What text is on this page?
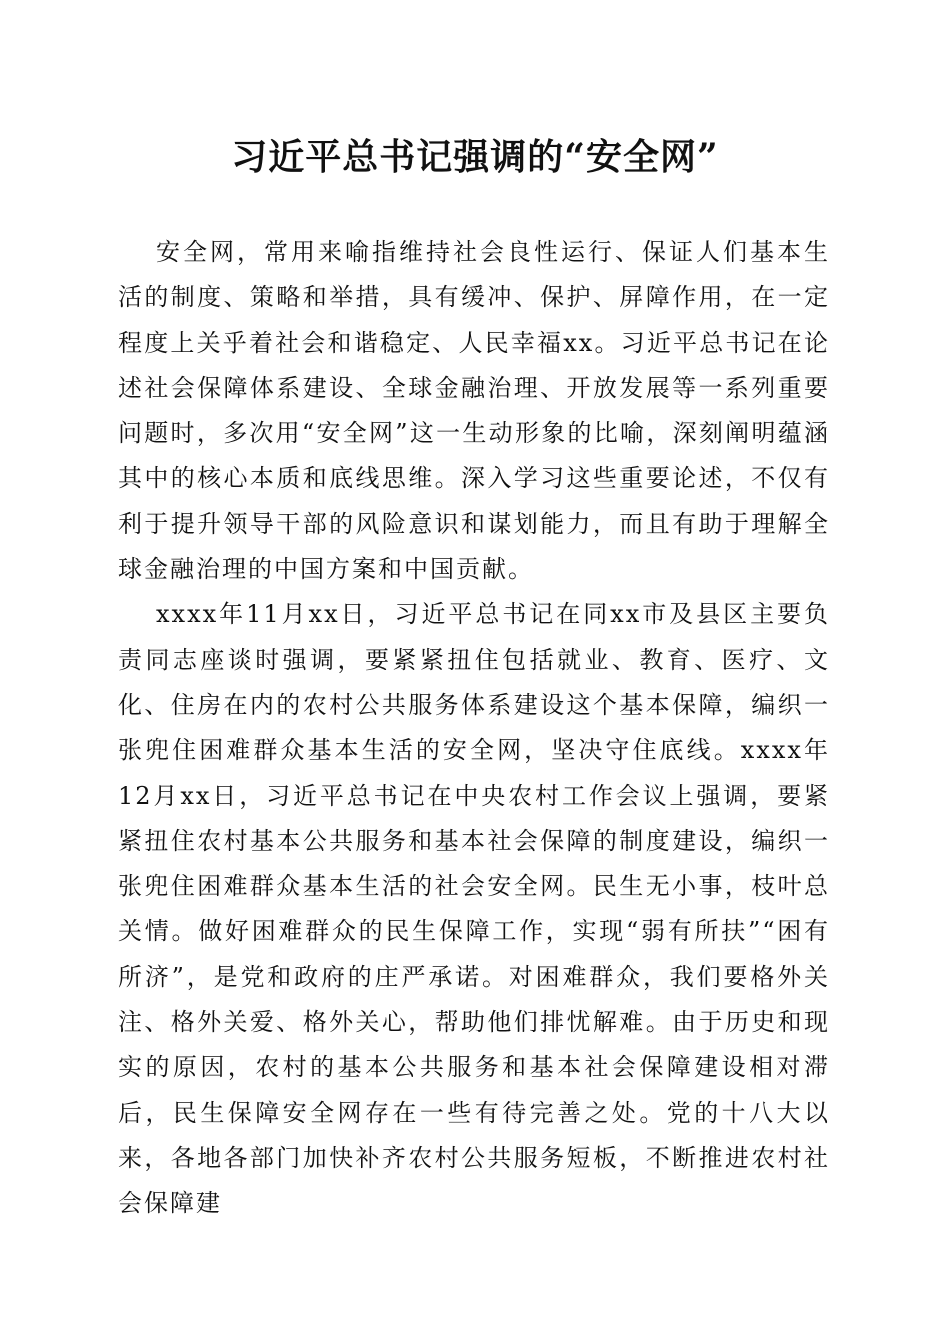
习近平总书记强调的“安全网”

安全网，常用来喻指维持社会良性运行、保证人们基本生活的制度、策略和举措，具有缓冲、保护、屏障作用，在一定程度上关乎着社会和谐稳定、人民幸福xx。习近平总书记在论述社会保障体系建设、全球金融治理、开放发展等一系列重要问题时，多次用“安全网”这一生动形象的比喻，深刻阐明蕴涵其中的核心本质和底线思维。深入学习这些重要论述，不仅有利于提升领导干部的风险意识和谋划能力，而且有助于理解全球金融治理的中国方案和中国贡献。

xxxx年11月xx日，习近平总书记在同xx市及县区主要负责同志座谈时强调，要紧紧扭住包括就业、教育、医疗、文化、住房在内的农村公共服务体系建设这个基本保障，编织一张兜住困难群众基本生活的安全网，坚决守住底线。xxxx年12月xx日，习近平总书记在中央农村工作会议上强调，要紧紧扭住农村基本公共服务和基本社会保障的制度建设，编织一张兜住困难群众基本生活的社会安全网。民生无小事，枝叶总关情。做好困难群众的民生保障工作，实现“弱有所扶”“困有所济”，是党和政府的庄严承诺。对困难群众，我们要格外关注、格外关爱、格外关心，帮助他们排忧解难。由于历史和现实的原因，农村的基本公共服务和基本社会保障建设相对滞后，民生保障安全网存在一些有待完善之处。党的十八大以来，各地各部门加快补齐农村公共服务短板，不断推进农村社会保障建
